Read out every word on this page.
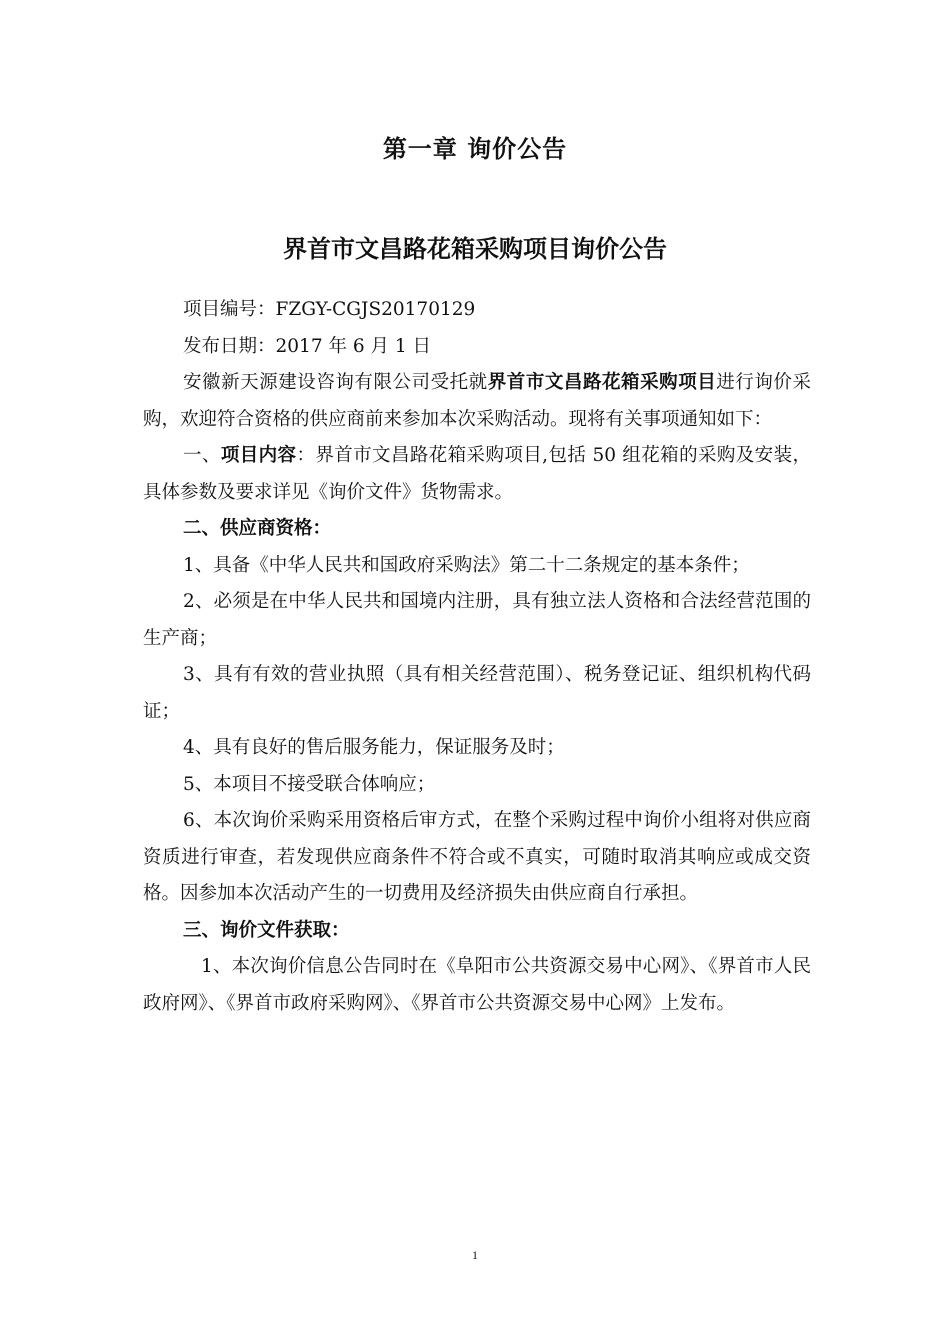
第一章 询价公告
界首市文昌路花箱采购项目询价公告

项目编号：FZGY-CGJS20170129

发布日期：2017 年 6 月 1 日

安徽新天源建设咨询有限公司受托就界首市文昌路花箱采购项目进行询价采购，欢迎符合资格的供应商前来参加本次采购活动。现将有关事项通知如下：

一、项目内容：界首市文昌路花箱采购项目,包括 50 组花箱的采购及安装，具体参数及要求详见《询价文件》货物需求。

二、供应商资格：

1、具备《中华人民共和国政府采购法》第二十二条规定的基本条件；

2、必须是在中华人民共和国境内注册，具有独立法人资格和合法经营范围的生产商；

3、具有有效的营业执照（具有相关经营范围）、税务登记证、组织机构代码证；

4、具有良好的售后服务能力，保证服务及时；

5、本项目不接受联合体响应；

6、本次询价采购采用资格后审方式，在整个采购过程中询价小组将对供应商资质进行审查，若发现供应商条件不符合或不真实，可随时取消其响应或成交资格。因参加本次活动产生的一切费用及经济损失由供应商自行承担。

三、询价文件获取：

1、本次询价信息公告同时在《阜阳市公共资源交易中心网》、《界首市人民政府网》、《界首市政府采购网》、《界首市公共资源交易中心网》上发布。

1
